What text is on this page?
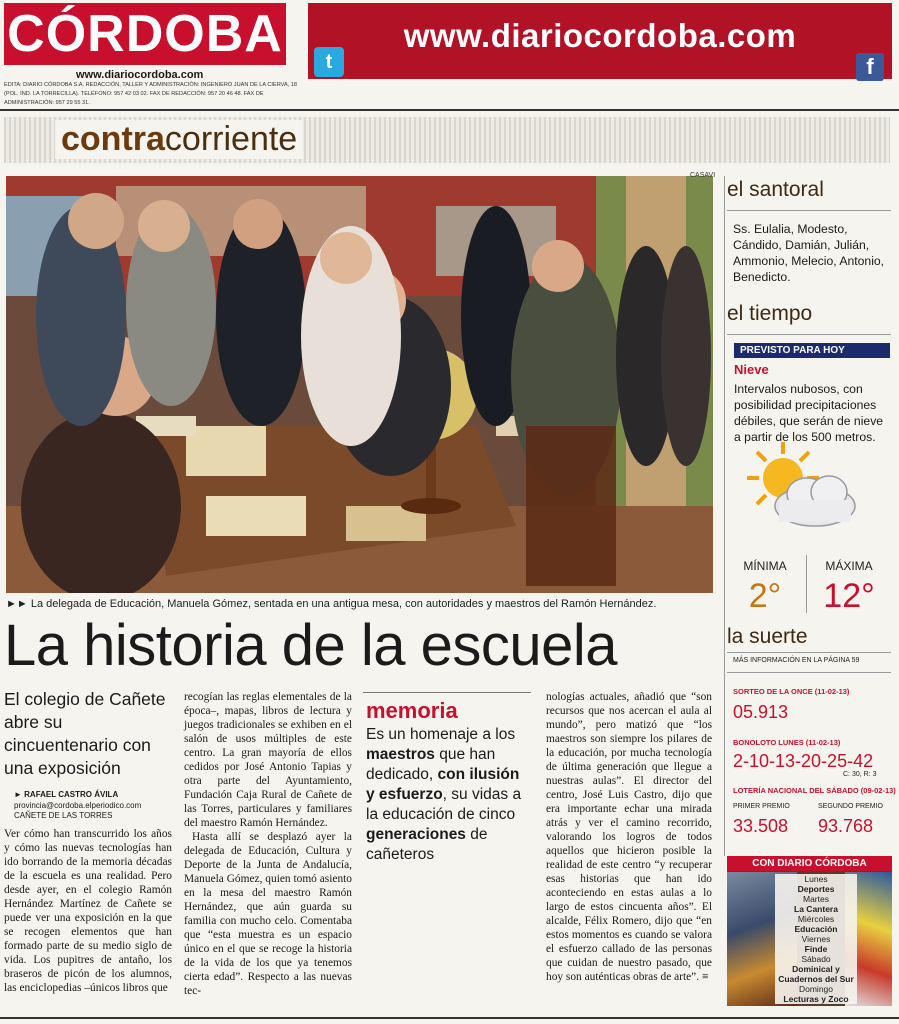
CÓRDOBA	www.diariocordoba.com
t	f
www.diariocordoba.com
EDITA: DIARIO CÓRDOBA S.A. REDACCIÓN, TALLER Y ADMINISTRACIÓN: INGENIERO JUAN DE LA CIERVA, 18 (POL. IND. LA TORRECILLA). TELÉFONO: 957 42 03 02. FAX DE REDACCIÓN: 957 20 46 48. FAX DE ADMINISTRACIÓN: 957 29 55 31.
contracorriente
CASAVI
►► La delegada de Educación, Manuela Gómez, sentada en una antigua mesa, con autoridades y maestros del Ramón Hernández.
La historia de la escuela
El colegio de Cañete abre su cincuentenario con una exposición
► RAFAEL CASTRO ÁVILA
provincia@cordoba.elperiodico.com
CAÑETE DE LAS TORRES
Ver cómo han transcurrido los años y cómo las nuevas tecnologías han ido borrando de la memoria décadas de la escuela es una realidad. Pero desde ayer, en el colegio Ramón Hernández Martínez de Cañete se puede ver una exposición en la que se recogen elementos que han formado parte de su medio siglo de vida. Los pupitres de antaño, los braseros de picón de los alumnos, las enciclopedias –únicos libros que
recogían las reglas elementales de la época–, mapas, libros de lectura y juegos tradicionales se exhiben en el salón de usos múltiples de este centro. La gran mayoría de ellos cedidos por José Antonio Tapias y otra parte del Ayuntamiento, Fundación Caja Rural de Cañete de las Torres, particulares y familiares del maestro Ramón Hernández.
Hasta allí se desplazó ayer la delegada de Educación, Cultura y Deporte de la Junta de Andalucía, Manuela Gómez, quien tomó asiento en la mesa del maestro Ramón Hernández, que aún guarda su familia con mucho celo. Comentaba que “esta muestra es un espacio único en el que se recoge la historia de la vida de los que ya tenemos cierta edad”. Respecto a las nuevas tec-
memoria
Es un homenaje a los maestros que han dedicado, con ilusión y esfuerzo, su vidas a la educación de cinco generaciones de cañeteros
nologías actuales, añadió que “son recursos que nos acercan el aula al mundo”, pero matizó que “los maestros son siempre los pilares de la educación, por mucha tecnología de última generación que llegue a nuestras aulas”. El director del centro, José Luis Castro, dijo que era importante echar una mirada atrás y ver el camino recorrido, valorando los logros de todos aquellos que hicieron posible la realidad de este centro “y recuperar esas historias que han ido aconteciendo en estas aulas a lo largo de estos cincuenta años”. El alcalde, Félix Romero, dijo que “en estos momentos es cuando se valora el esfuerzo callado de las personas que cuidan de nuestro pasado, que hoy son auténticas obras de arte”. ≡
el santoral
Ss. Eulalia, Modesto, Cándido, Damián, Julián, Ammonio, Melecio, Antonio, Benedicto.
el tiempo
PREVISTO PARA HOY
Nieve
Intervalos nubosos, con posibilidad precipitaciones débiles, que serán de nieve a partir de los 500 metros.
MÍNIMA	MÁXIMA
2°	12°
la suerte
MÁS INFORMACIÓN EN LA PÁGINA 59
SORTEO DE LA ONCE (11-02-13)
05.913
BONOLOTO LUNES (11-02-13)
2-10-13-20-25-42
C: 30, R: 3
LOTERÍA NACIONAL DEL SÁBADO (09-02-13)
PRIMER PREMIO	SEGUNDO PREMIO
33.508 93.768
CON DIARIO CÓRDOBA
Lunes
Deportes
Martes
La Cantera
Miércoles
Educación
Viernes
Finde
Sábado
Dominical y Cuadernos del Sur
Domingo
Lecturas y Zoco
